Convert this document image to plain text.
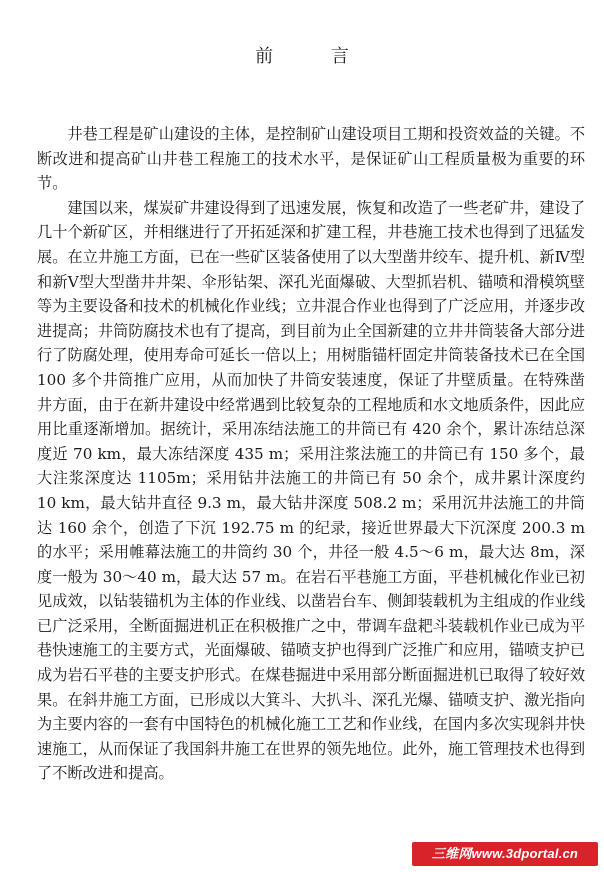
前 言

井巷工程是矿山建设的主体，是控制矿山建设项目工期和投资效益的关键。不断改进和提高矿山井巷工程施工的技术水平，是保证矿山工程质量极为重要的环节。

建国以来，煤炭矿井建设得到了迅速发展，恢复和改造了一些老矿井，建设了几十个新矿区，并相继进行了开拓延深和扩建工程，井巷施工技术也得到了迅猛发展。在立井施工方面，已在一些矿区装备使用了以大型凿井绞车、提升机、新Ⅳ型和新Ⅴ型大型凿井井架、伞形钻架、深孔光面爆破、大型抓岩机、锚喷和滑模筑壁等为主要设备和技术的机械化作业线；立井混合作业也得到了广泛应用，并逐步改进提高；井筒防腐技术也有了提高，到目前为止全国新建的立井井筒装备大部分进行了防腐处理，使用寿命可延长一倍以上；用树脂锚杆固定井筒装备技术已在全国 100 多个井筒推广应用，从而加快了井筒安装速度，保证了井壁质量。在特殊凿井方面，由于在新井建设中经常遇到比较复杂的工程地质和水文地质条件，因此应用比重逐渐增加。据统计，采用冻结法施工的井筒已有 420 余个，累计冻结总深度近 70 km，最大冻结深度 435 m；采用注浆法施工的井筒已有 150 多个，最大注浆深度达 1105m；采用钻井法施工的井筒已有 50 余个，成井累计深度约 10 km，最大钻井直径 9.3 m，最大钻井深度 508.2 m；采用沉井法施工的井筒达 160 余个，创造了下沉 192.75 m 的纪录，接近世界最大下沉深度 200.3 m 的水平；采用帷幕法施工的井筒约 30 个，井径一般 4.5～6 m，最大达 8m，深度一般为 30～40 m，最大达 57 m。在岩石平巷施工方面，平巷机械化作业已初见成效，以钻装锚机为主体的作业线、以凿岩台车、侧卸装载机为主组成的作业线已广泛采用，全断面掘进机正在积极推广之中，带调车盘耙斗装载机作业已成为平巷快速施工的主要方式，光面爆破、锚喷支护也得到广泛推广和应用，锚喷支护已成为岩石平巷的主要支护形式。在煤巷掘进中采用部分断面掘进机已取得了较好效果。在斜井施工方面，已形成以大箕斗、大扒斗、深孔光爆、锚喷支护、激光指向为主要内容的一套有中国特色的机械化施工工艺和作业线，在国内多次实现斜井快速施工，从而保证了我国斜井施工在世界的领先地位。此外，施工管理技术也得到了不断改进和提高。

三维网www.3dportal.cn
